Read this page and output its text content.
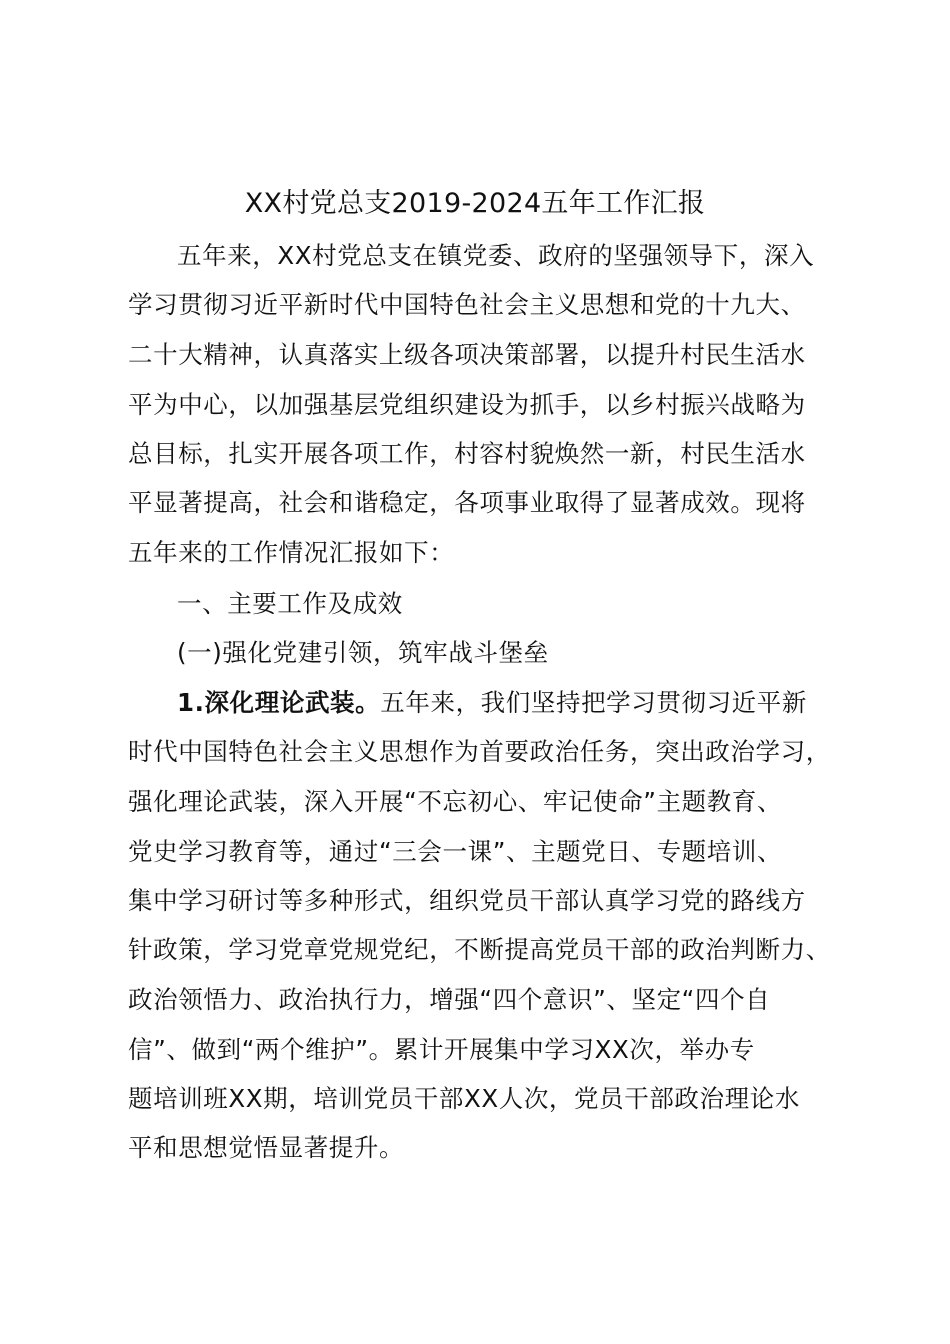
XX村党总支2019-2024五年工作汇报
五年来，XX村党总支在镇党委、政府的坚强领导下，深入
学习贯彻习近平新时代中国特色社会主义思想和党的十九大、
二十大精神，认真落实上级各项决策部署，以提升村民生活水
平为中心，以加强基层党组织建设为抓手，以乡村振兴战略为
总目标，扎实开展各项工作，村容村貌焕然一新，村民生活水
平显著提高，社会和谐稳定，各项事业取得了显著成效。现将
五年来的工作情况汇报如下：
一、主要工作及成效
(一)强化党建引领，筑牢战斗堡垒
1.深化理论武装。五年来，我们坚持把学习贯彻习近平新
时代中国特色社会主义思想作为首要政治任务，突出政治学习，
强化理论武装，深入开展“不忘初心、牢记使命”主题教育、
党史学习教育等，通过“三会一课”、主题党日、专题培训、
集中学习研讨等多种形式，组织党员干部认真学习党的路线方
针政策，学习党章党规党纪，不断提高党员干部的政治判断力、
政治领悟力、政治执行力，增强“四个意识”、坚定“四个自
信”、做到“两个维护”。累计开展集中学习XX次，举办专
题培训班XX期，培训党员干部XX人次，党员干部政治理论水
平和思想觉悟显著提升。
